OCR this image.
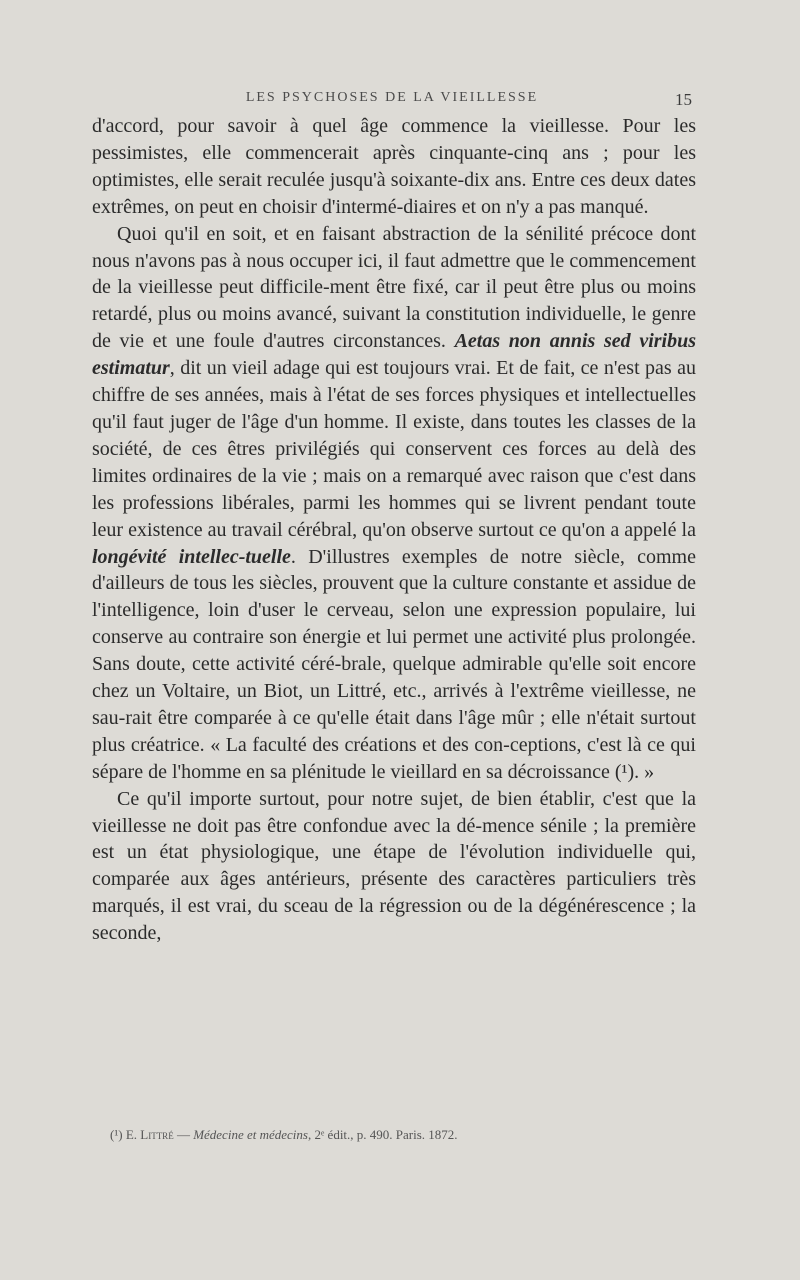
LES PSYCHOSES DE LA VIEILLESSE	15

d'accord, pour savoir à quel âge commence la vieillesse. Pour les pessimistes, elle commencerait après cinquante-cinq ans ; pour les optimistes, elle serait reculée jusqu'à soixante-dix ans. Entre ces deux dates extrêmes, on peut en choisir d'intermé-diaires et on n'y a pas manqué.

Quoi qu'il en soit, et en faisant abstraction de la sénilité précoce dont nous n'avons pas à nous occuper ici, il faut admettre que le commencement de la vieillesse peut difficile-ment être fixé, car il peut être plus ou moins retardé, plus ou moins avancé, suivant la constitution individuelle, le genre de vie et une foule d'autres circonstances. Aetas non annis sed viribus estimatur, dit un vieil adage qui est toujours vrai. Et de fait, ce n'est pas au chiffre de ses années, mais à l'état de ses forces physiques et intellectuelles qu'il faut juger de l'âge d'un homme. Il existe, dans toutes les classes de la société, de ces êtres privilégiés qui conservent ces forces au delà des limites ordinaires de la vie ; mais on a remarqué avec raison que c'est dans les professions libérales, parmi les hommes qui se livrent pendant toute leur existence au travail cérébral, qu'on observe surtout ce qu'on a appelé la longévité intellec-tuelle. D'illustres exemples de notre siècle, comme d'ailleurs de tous les siècles, prouvent que la culture constante et assidue de l'intelligence, loin d'user le cerveau, selon une expression populaire, lui conserve au contraire son énergie et lui permet une activité plus prolongée. Sans doute, cette activité céré-brale, quelque admirable qu'elle soit encore chez un Voltaire, un Biot, un Littré, etc., arrivés à l'extrême vieillesse, ne sau-rait être comparée à ce qu'elle était dans l'âge mûr ; elle n'était surtout plus créatrice. « La faculté des créations et des con-ceptions, c'est là ce qui sépare de l'homme en sa plénitude le vieillard en sa décroissance (¹). »

Ce qu'il importe surtout, pour notre sujet, de bien établir, c'est que la vieillesse ne doit pas être confondue avec la dé-mence sénile ; la première est un état physiologique, une étape de l'évolution individuelle qui, comparée aux âges antérieurs, présente des caractères particuliers très marqués, il est vrai, du sceau de la régression ou de la dégénérescence ; la seconde,

(¹) E. Littré — Médecine et médecins, 2ᵉ édit., p. 490. Paris. 1872.
